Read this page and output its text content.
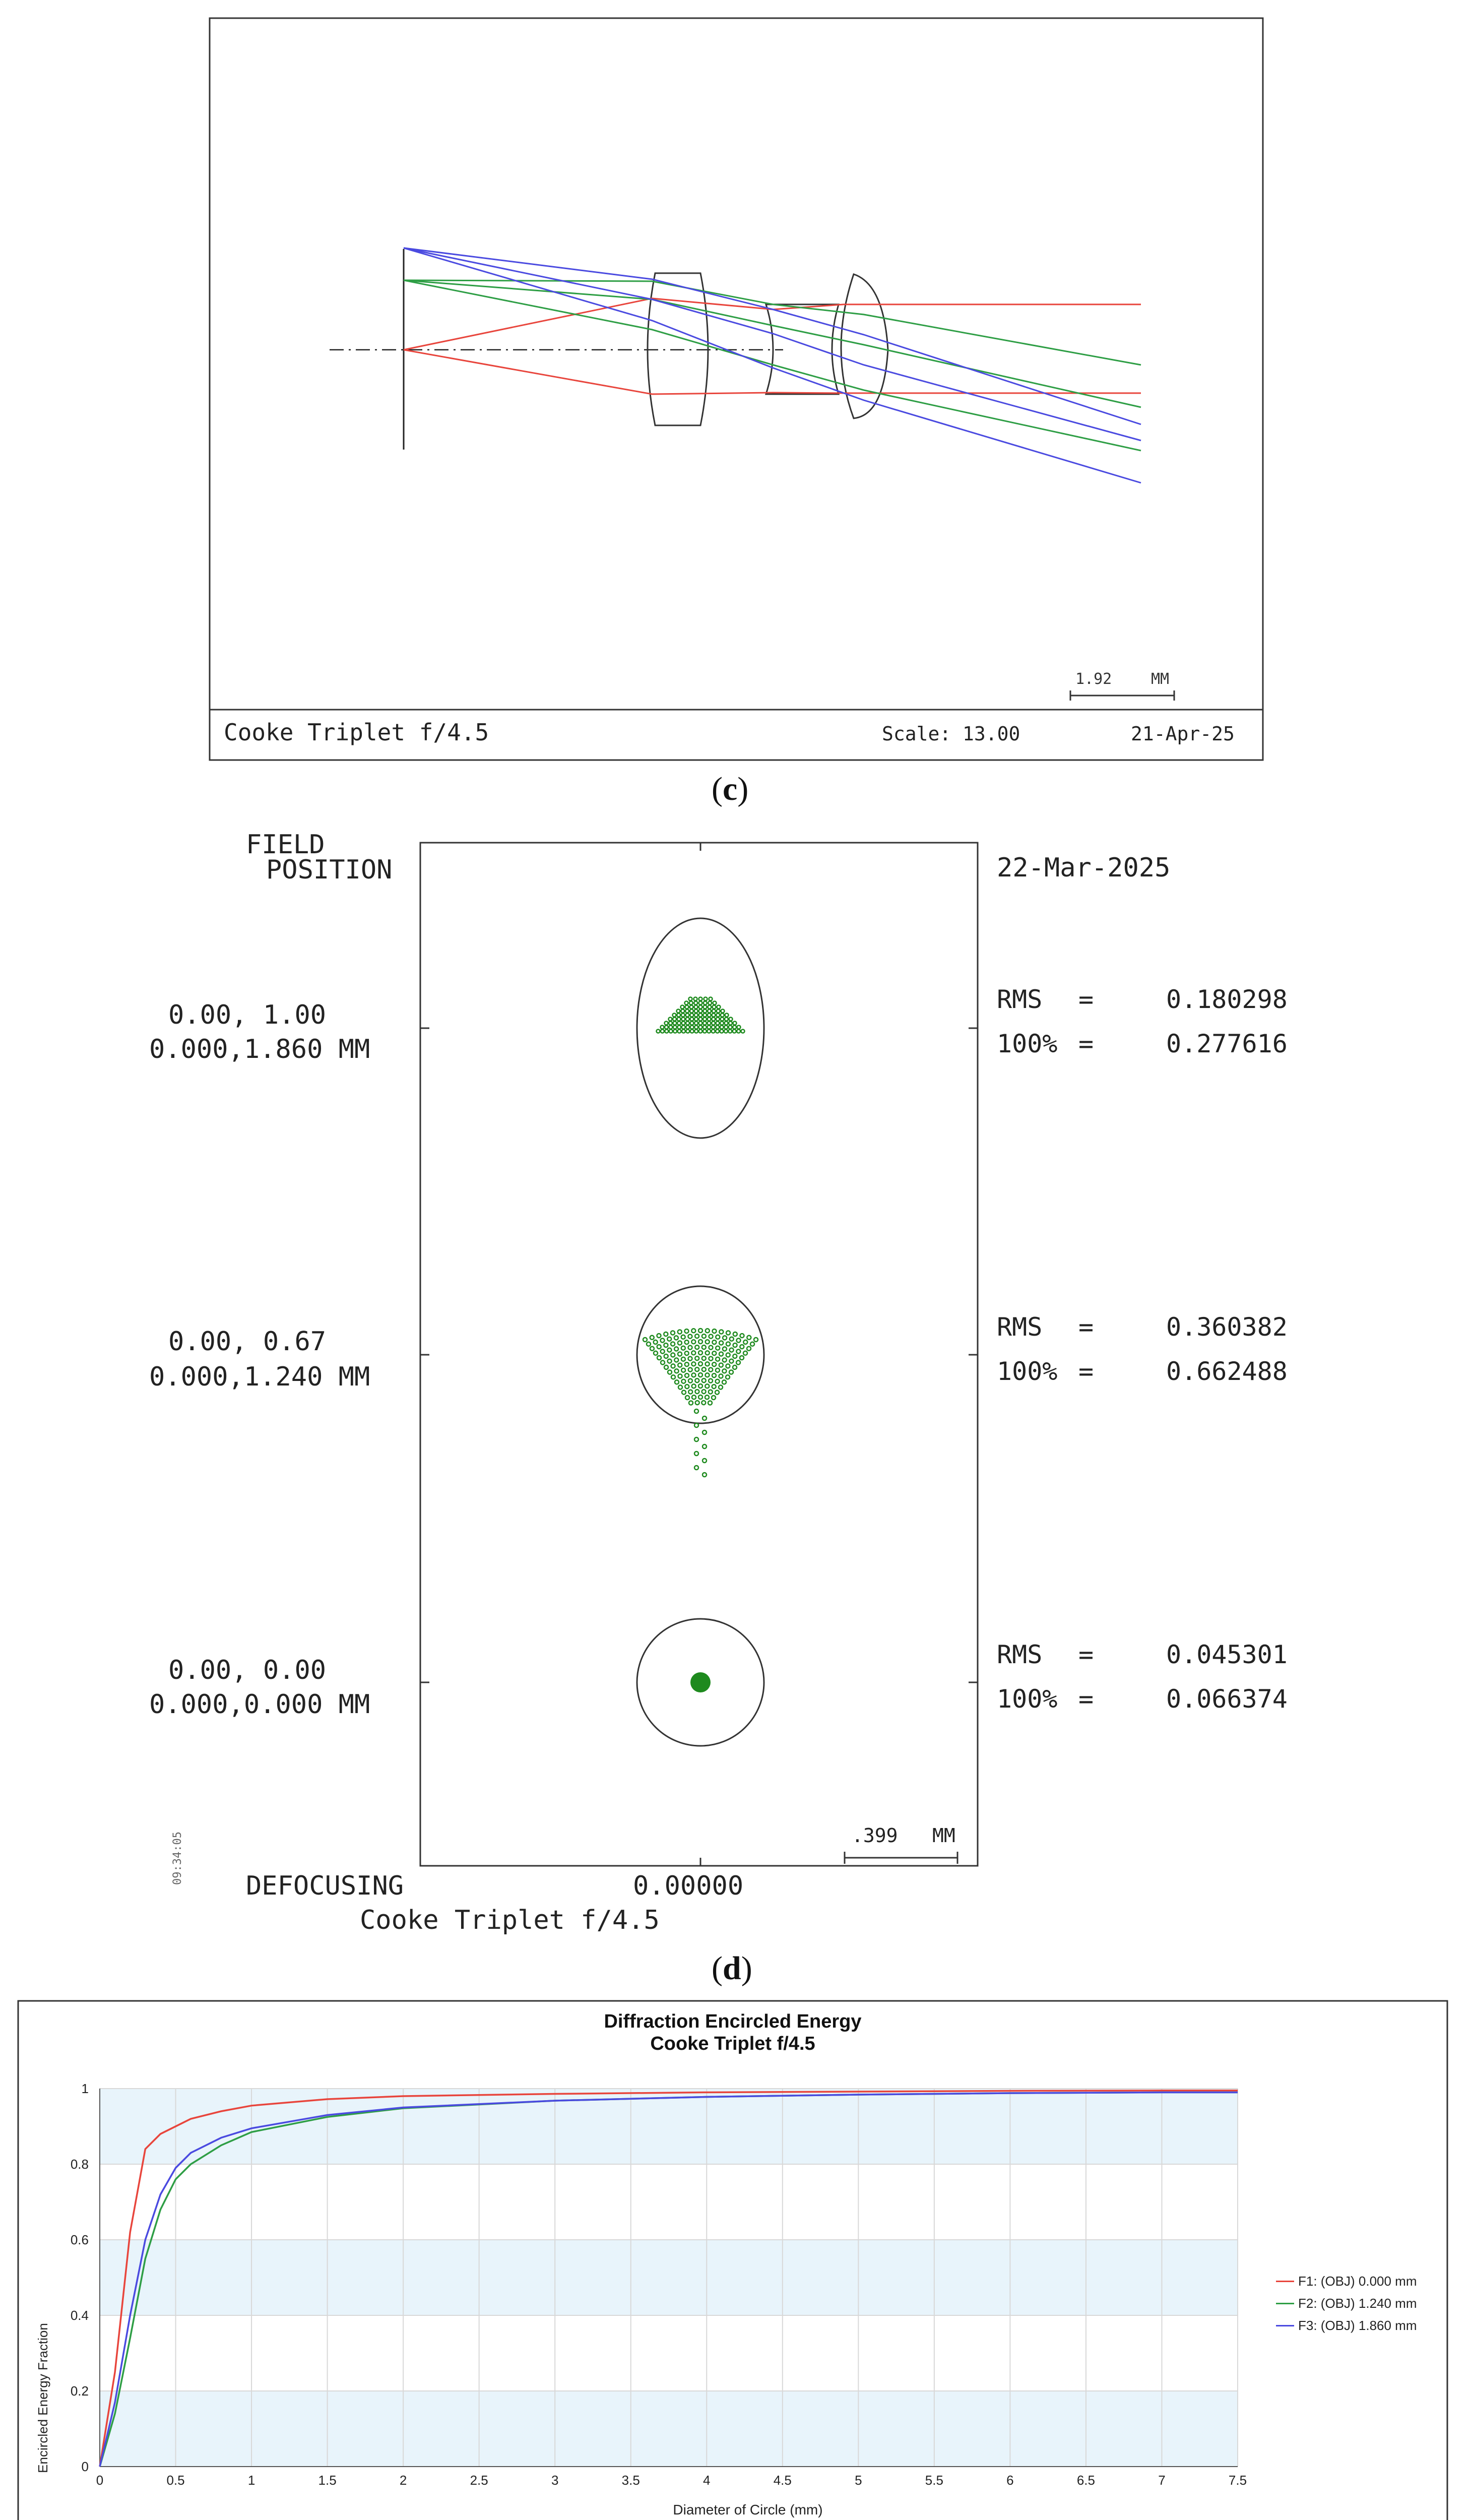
1.92	MM
Cooke Triplet f/4.5	Scale: 13.00	21-Apr-25
(c)
FIELD
POSITION	22-Mar-2025
0.00, 1.00
0.000,1.860 MM
0.00, 0.67
0.000,1.240 MM
0.00, 0.00
0.000,0.000 MM
RMS =	0.180298
100% =	0.277616
RMS =	0.360382
100% =	0.662488
RMS =	0.045301
100% =	0.066374
.399 MM
DEFOCUSING	0.00000
Cooke Triplet f/4.5
09:34:05
(d)
0	0.5	1	1.5	2	2.5	3	3.5	4	4.5	5	5.5	6	6.5	7	7.5
0
0.2
0.4
0.6
0.8
1
Diffraction Encircled Energy
Cooke Triplet f/4.5
Diameter of Circle (mm)
Encircled Energy Fraction
F1: (OBJ) 0.000 mm
F2: (OBJ) 1.240 mm
F3: (OBJ) 1.860 mm
